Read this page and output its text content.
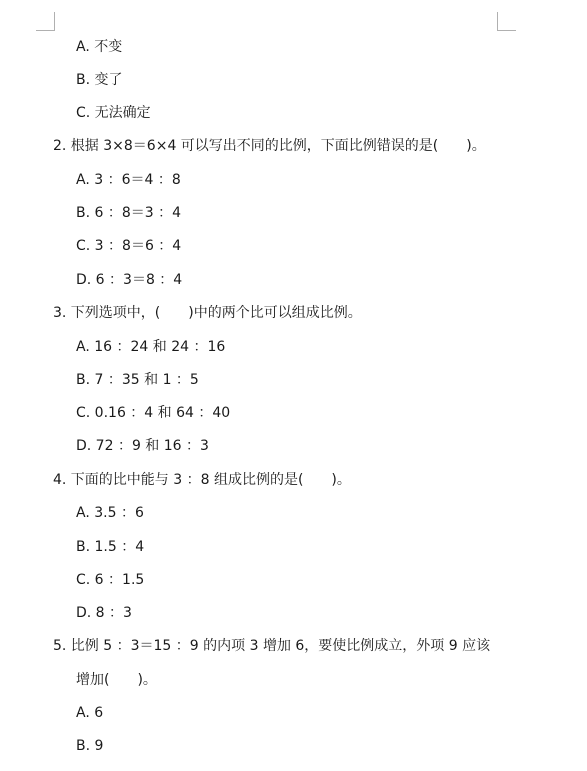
A. 不变
B. 变了
C. 无法确定
2. 根据 3×8＝6×4 可以写出不同的比例，下面比例错误的是(　　)。
A. 3 ：6＝4 ：8
B. 6 ：8＝3 ：4
C. 3 ：8＝6 ：4
D. 6 ：3＝8 ：4
3. 下列选项中，(　　)中的两个比可以组成比例。
A. 16 ：24 和 24 ：16
B. 7 ：35 和 1 ：5
C. 0.16 ：4 和 64 ：40
D. 72 ：9 和 16 ：3
4. 下面的比中能与 3 ：8 组成比例的是(　　)。
A. 3.5 ：6
B. 1.5 ：4
C. 6 ：1.5
D. 8 ：3
5. 比例 5 ：3＝15 ：9 的内项 3 增加 6，要使比例成立，外项 9 应该
增加(　　)。
A. 6
B. 9
